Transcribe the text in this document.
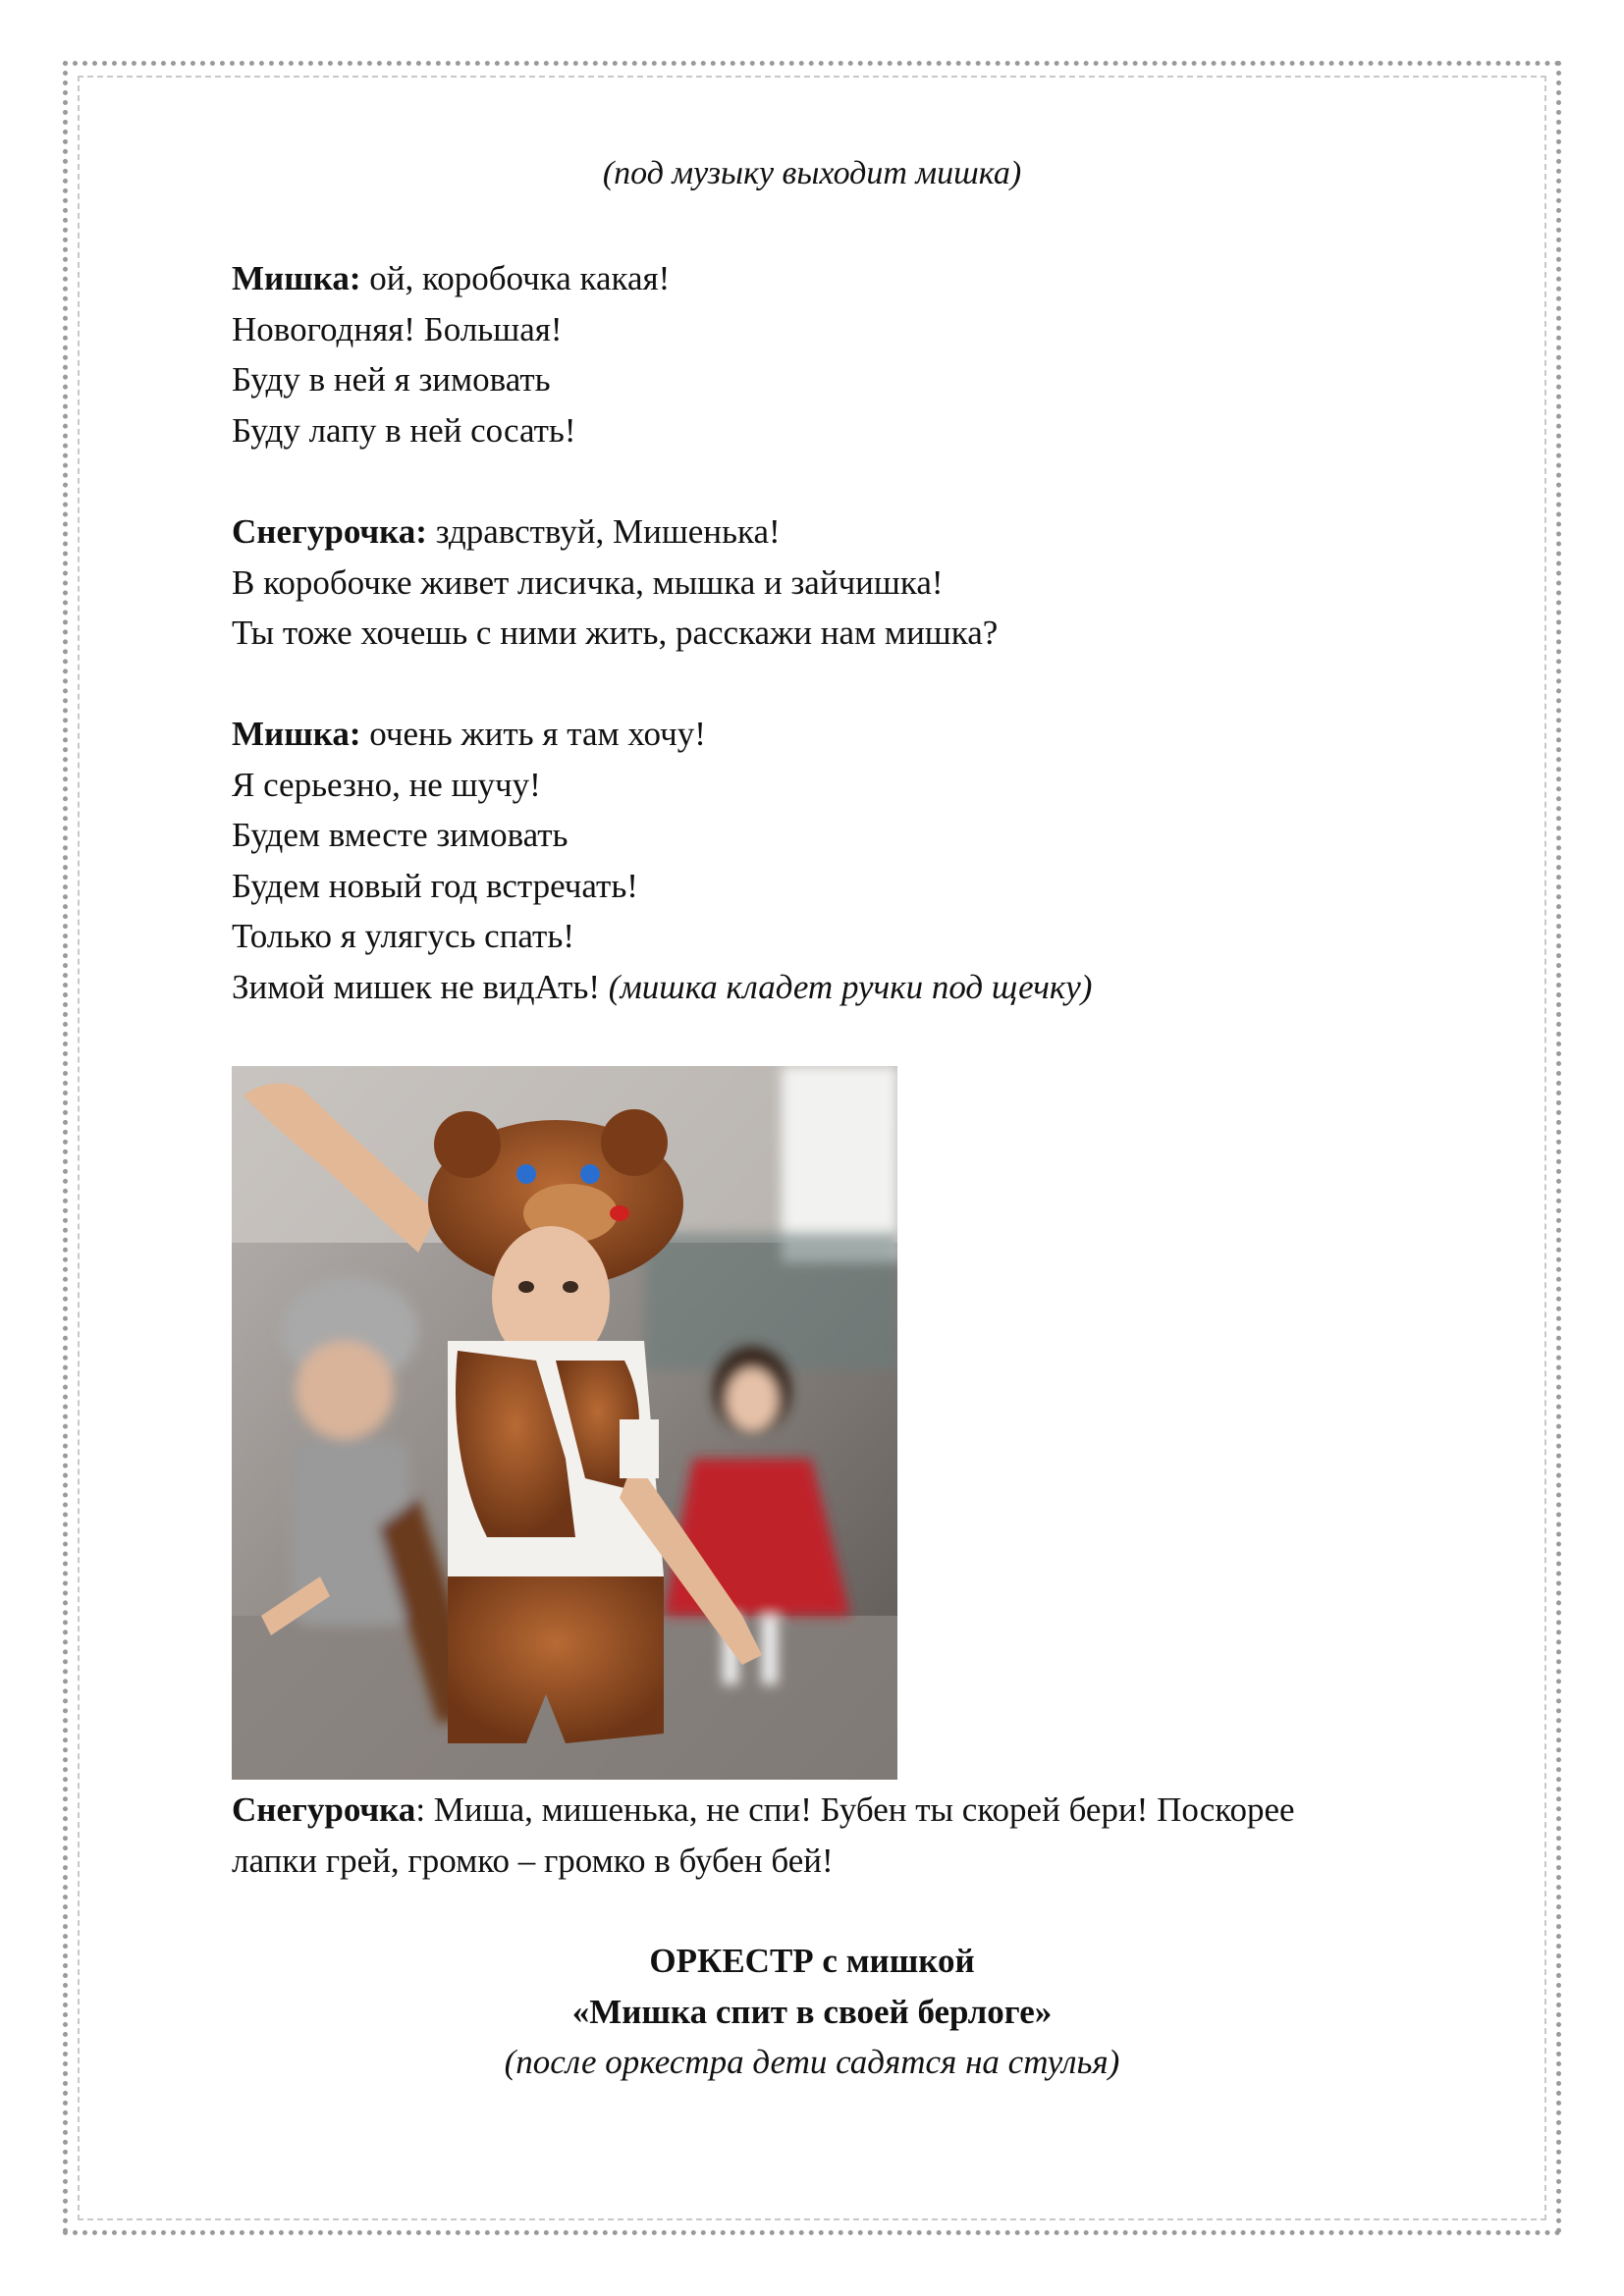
(под музыку выходит мишка)
Мишка: ой, коробочка какая!
Новогодняя! Большая!
Буду в ней я зимовать
Буду лапу в ней сосать!
Снегурочка: здравствуй, Мишенька!
В коробочке живет лисичка, мышка и зайчишка!
Ты тоже хочешь с ними жить, расскажи нам мишка?
Мишка: очень жить я там хочу!
Я серьезно, не шучу!
Будем вместе зимовать
Будем новый год встречать!
Только я улягусь спать!
Зимой мишек не видАть! (мишка кладет ручки под щечку)
Снегурочка: Миша, мишенька, не спи! Бубен ты скорей бери! Поскорее
лапки грей, громко – громко в бубен бей!
ОРКЕСТР с мишкой
«Мишка спит в своей берлоге»
(после оркестра дети садятся на стулья)
